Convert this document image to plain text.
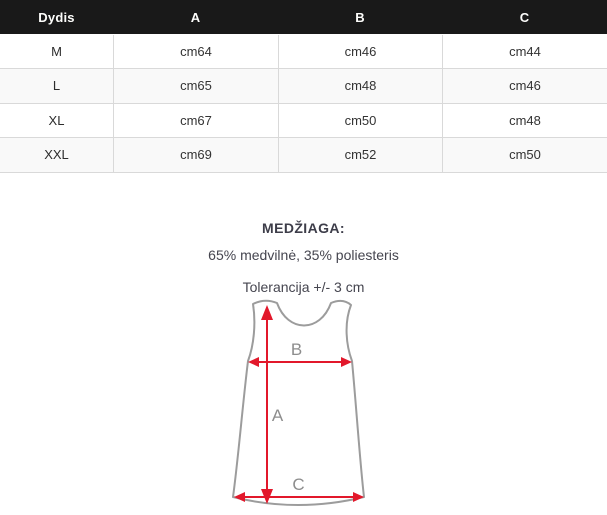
Dydis	A	B	C
M	cm64	cm46	cm44
L	cm65	cm48	cm46
XL	cm67	cm50	cm48
XXL	cm69	cm52	cm50

MEDŽIAGA:

65% medvilnė, 35% poliesteris

Tolerancija +/- 3 cm

A
B
C
